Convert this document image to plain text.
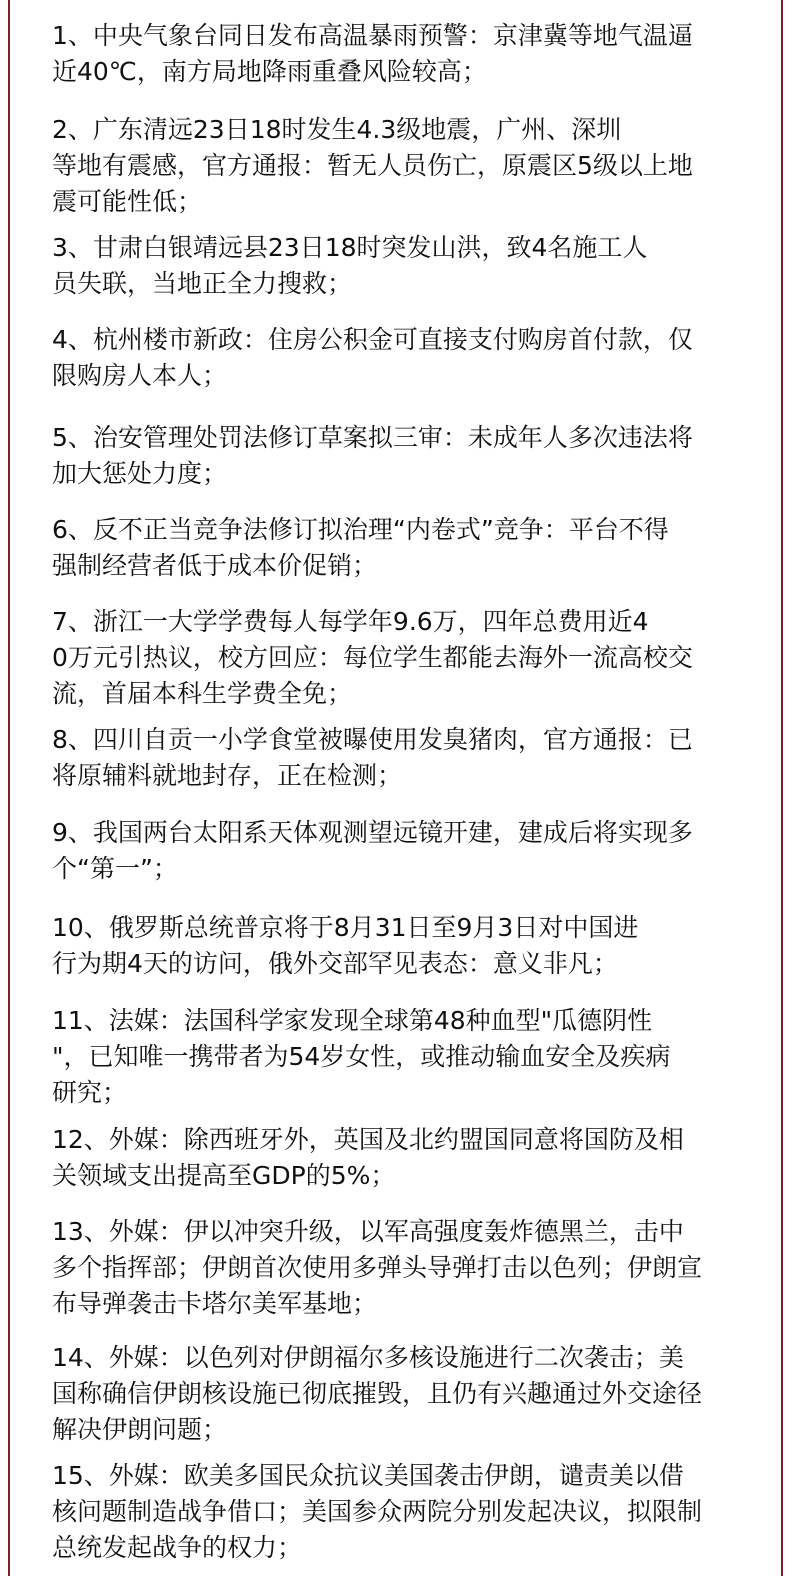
1、中央气象台同日发布高温暴雨预警：京津冀等地气温逼
近40℃，南方局地降雨重叠风险较高；
2、广东清远23日18时发生4.3级地震，广州、深圳
等地有震感，官方通报：暂无人员伤亡，原震区5级以上地
震可能性低；
3、甘肃白银靖远县23日18时突发山洪，致4名施工人
员失联，当地正全力搜救；
4、杭州楼市新政：住房公积金可直接支付购房首付款，仅
限购房人本人；
5、治安管理处罚法修订草案拟三审：未成年人多次违法将
加大惩处力度；
6、反不正当竞争法修订拟治理“内卷式”竞争：平台不得
强制经营者低于成本价促销；
7、浙江一大学学费每人每学年9.6万，四年总费用近4
0万元引热议，校方回应：每位学生都能去海外一流高校交
流，首届本科生学费全免；
8、四川自贡一小学食堂被曝使用发臭猪肉，官方通报：已
将原辅料就地封存，正在检测；
9、我国两台太阳系天体观测望远镜开建，建成后将实现多
个“第一”；
10、俄罗斯总统普京将于8月31日至9月3日对中国进
行为期4天的访问，俄外交部罕见表态：意义非凡；
11、法媒：法国科学家发现全球第48种血型"瓜德阴性
"，已知唯一携带者为54岁女性，或推动输血安全及疾病
研究；
12、外媒：除西班牙外，英国及北约盟国同意将国防及相
关领域支出提高至GDP的5%；
13、外媒：伊以冲突升级，以军高强度轰炸德黑兰，击中
多个指挥部；伊朗首次使用多弹头导弹打击以色列；伊朗宣
布导弹袭击卡塔尔美军基地；
14、外媒：以色列对伊朗福尔多核设施进行二次袭击；美
国称确信伊朗核设施已彻底摧毁，且仍有兴趣通过外交途径
解决伊朗问题；
15、外媒：欧美多国民众抗议美国袭击伊朗，谴责美以借
核问题制造战争借口；美国参众两院分别发起决议，拟限制
总统发起战争的权力；
